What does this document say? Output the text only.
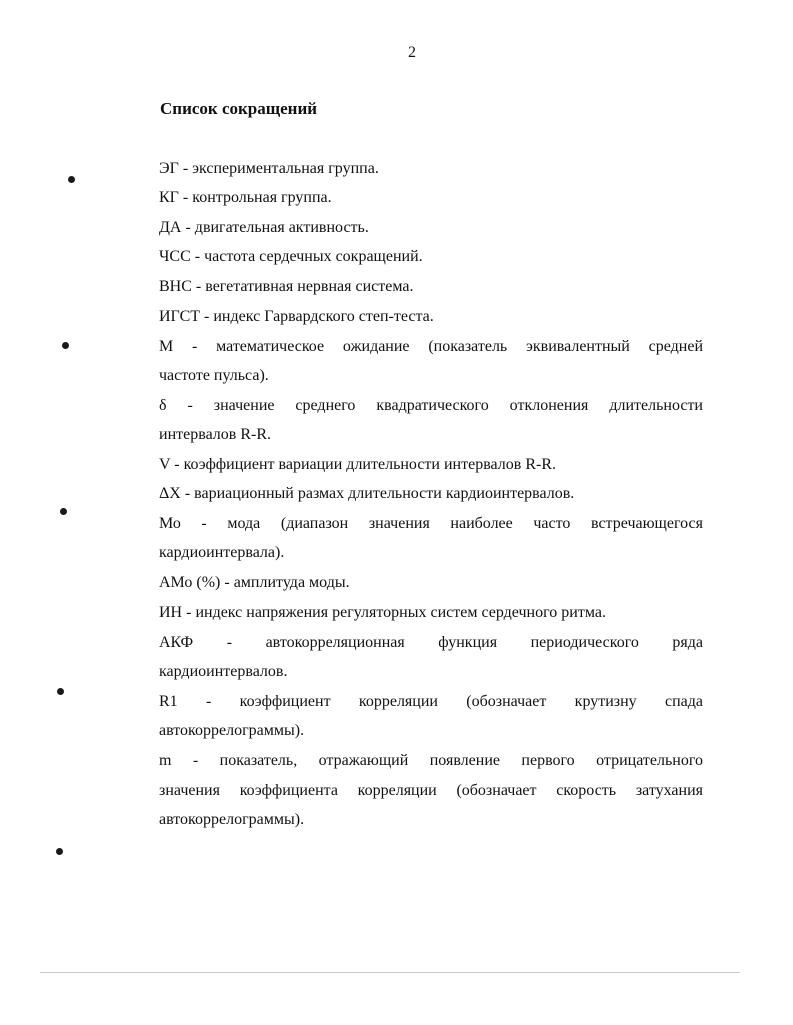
2
Список сокращений
ЭГ - экспериментальная группа.
КГ - контрольная группа.
ДА - двигательная активность.
ЧСС - частота сердечных сокращений.
ВНС - вегетативная нервная система.
ИГСТ - индекс Гарвардского степ-теста.
М - математическое ожидание (показатель эквивалентный средней
частоте пульса).
δ - значение среднего квадратического отклонения длительности
интервалов R-R.
V - коэффициент вариации длительности интервалов R-R.
ΔX - вариационный размах длительности кардиоинтервалов.
Мо - мода (диапазон значения наиболее часто встречающегося
кардиоинтервала).
АМо (%) - амплитуда моды.
ИН - индекс напряжения регуляторных систем сердечного ритма.
АКФ - автокорреляционная функция периодического ряда
кардиоинтервалов.
R1 - коэффициент корреляции (обозначает крутизну спада
автокоррелограммы).
m - показатель, отражающий появление первого отрицательного
значения коэффициента корреляции (обозначает скорость затухания
автокоррелограммы).
